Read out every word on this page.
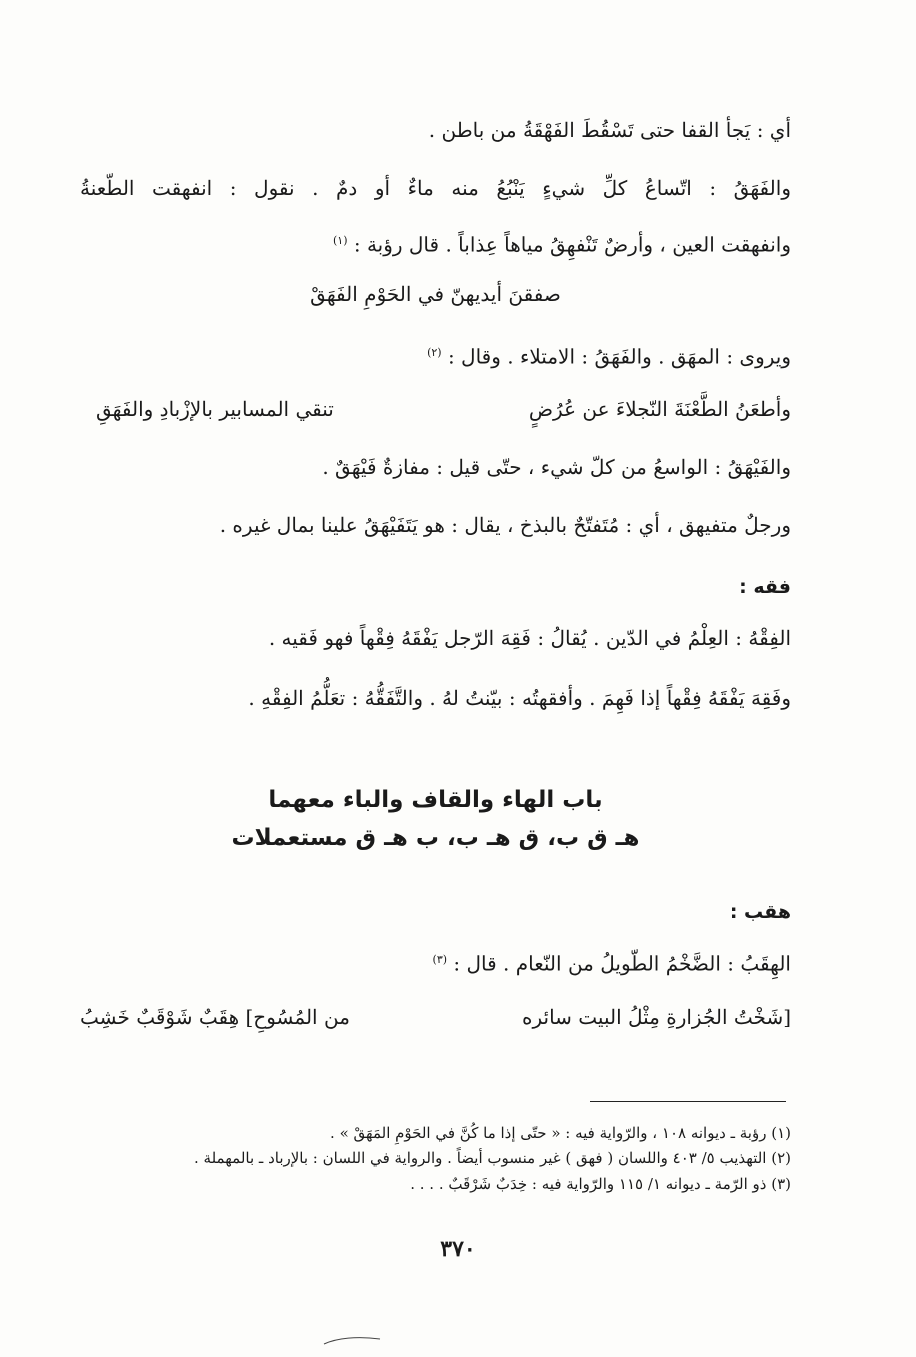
أي : يَجأ القفا حتى تَسْقُطَ الفَهْقَةُ من باطن .
والفَهَقُ : اتّساعُ كلِّ شيءٍ يَنْبُعُ منه ماءٌ أو دمٌ . نقول : انفهقت الطّعنةُ
وانفهقت العين ، وأرضٌ تَنْفهِقُ مياهاً عِذاباً . قال رؤبة : $^{(١)}$
صفقنَ أيديهنّ في الحَوْمِ الفَهَقْ
ويروى : المهَق . والفَهَقُ : الامتلاء . وقال : $^{(٢)}$
وأطعَنُ الطَّعْنَةَ النّجلاءَ عن عُرُضٍ
تنقي المسابير بالإزْبادِ والفَهَقِ
والفَيْهَقُ : الواسعُ من كلّ شيء ، حتّى قيل : مفازةٌ فَيْهَقٌ .
ورجلٌ متفيهق ، أي : مُتَفتّحٌ بالبذخ ، يقال : هو يَتَفَيْهَقُ علينا بمال غيره .
فقه :
الفِقْهُ : العِلْمُ في الدّين . يُقالُ : فَقِهَ الرّجل يَفْقَهُ فِقْهاً فهو فَقيه .
وفَقِهَ يَفْقَهُ فِقْهاً إذا فَهِمَ . وأفقهتُه : بيّنتُ لهُ . والتَّفَقُّهُ : تعَلُّمُ الفِقْهِ .
باب الهاء والقاف والباء معهما
هـ ق ب، ق هـ ب، ب هـ ق مستعملات
هقب :
الهِقَبُ : الضَّخْمُ الطّويلُ من النّعام . قال : $^{(٣)}$
[شَخْتُ الجُزارةِ مِثْلُ البيت سائره
من المُسُوحِ] هِقَبٌ شَوْقَبٌ خَشِبُ
(١) رؤبة ـ ديوانه ١٠٨ ، والرّواية فيه : « حتّى إذا ما كُنَّ في الحَوْمِ المَهَقْ » .
(٢) التهذيب ٥/ ٤٠٣ واللسان ( فهق ) غير منسوب أيضاً . والرواية في اللسان : بالإرباد ـ بالمهملة .
(٣) ذو الرّمة ـ ديوانه ١/ ١١٥ والرّواية فيه : خِدَبٌ شَرْقَبٌ . . . .
٣٧٠
